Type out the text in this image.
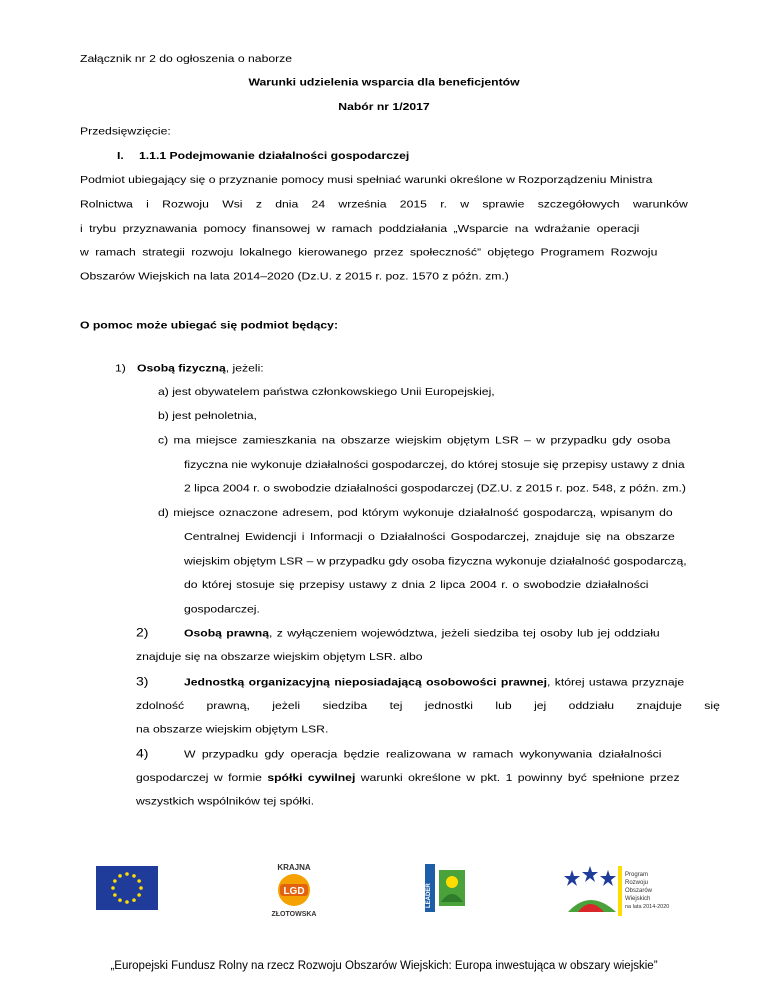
Załącznik nr 2 do ogłoszenia o naborze
Warunki udzielenia wsparcia dla beneficjentów
Nabór nr 1/2017
Przedsięwzięcie:
I. 1.1.1 Podejmowanie działalności gospodarczej
Podmiot ubiegający się o przyznanie pomocy musi spełniać warunki określone w Rozporządzeniu Ministra
Rolnictwa i Rozwoju Wsi z dnia 24 września 2015 r. w sprawie szczegółowych warunków
i trybu przyznawania pomocy finansowej w ramach poddziałania „Wsparcie na wdrażanie operacji
w ramach strategii rozwoju lokalnego kierowanego przez społeczność” objętego Programem Rozwoju
Obszarów Wiejskich na lata 2014–2020 (Dz.U. z 2015 r. poz. 1570 z późn. zm.)
O pomoc może ubiegać się podmiot będący:
1) Osobą fizyczną, jeżeli:
a) jest obywatelem państwa członkowskiego Unii Europejskiej,
b) jest pełnoletnia,
c) ma miejsce zamieszkania na obszarze wiejskim objętym LSR – w przypadku gdy osoba
fizyczna nie wykonuje działalności gospodarczej, do której stosuje się przepisy ustawy z dnia
2 lipca 2004 r. o swobodzie działalności gospodarczej (DZ.U. z 2015 r. poz. 548, z późn. zm.)
d) miejsce oznaczone adresem, pod którym wykonuje działalność gospodarczą, wpisanym do
Centralnej Ewidencji i Informacji o Działalności Gospodarczej, znajduje się na obszarze
wiejskim objętym LSR – w przypadku gdy osoba fizyczna wykonuje działalność gospodarczą,
do której stosuje się przepisy ustawy z dnia 2 lipca 2004 r. o swobodzie działalności
gospodarczej.
2)	Osobą prawną, z wyłączeniem województwa, jeżeli siedziba tej osoby lub jej oddziału
znajduje się na obszarze wiejskim objętym LSR. albo
3)	Jednostką organizacyjną nieposiadającą osobowości prawnej, której ustawa przyznaje
zdolność prawną, jeżeli siedziba tej jednostki lub jej oddziału znajduje się
na obszarze wiejskim objętym LSR.
4)	W przypadku gdy operacja będzie realizowana w ramach wykonywania działalności
gospodarczej w formie spółki cywilnej warunki określone w pkt. 1 powinny być spełnione przez
wszystkich wspólników tej spółki.
LGD
KRAJNA
ZŁOTOWSKA
LEADER
Program
Rozwoju
Obszarów
Wiejskich
na lata 2014-2020
„Europejski Fundusz Rolny na rzecz Rozwoju Obszarów Wiejskich: Europa inwestująca w obszary wiejskie”
